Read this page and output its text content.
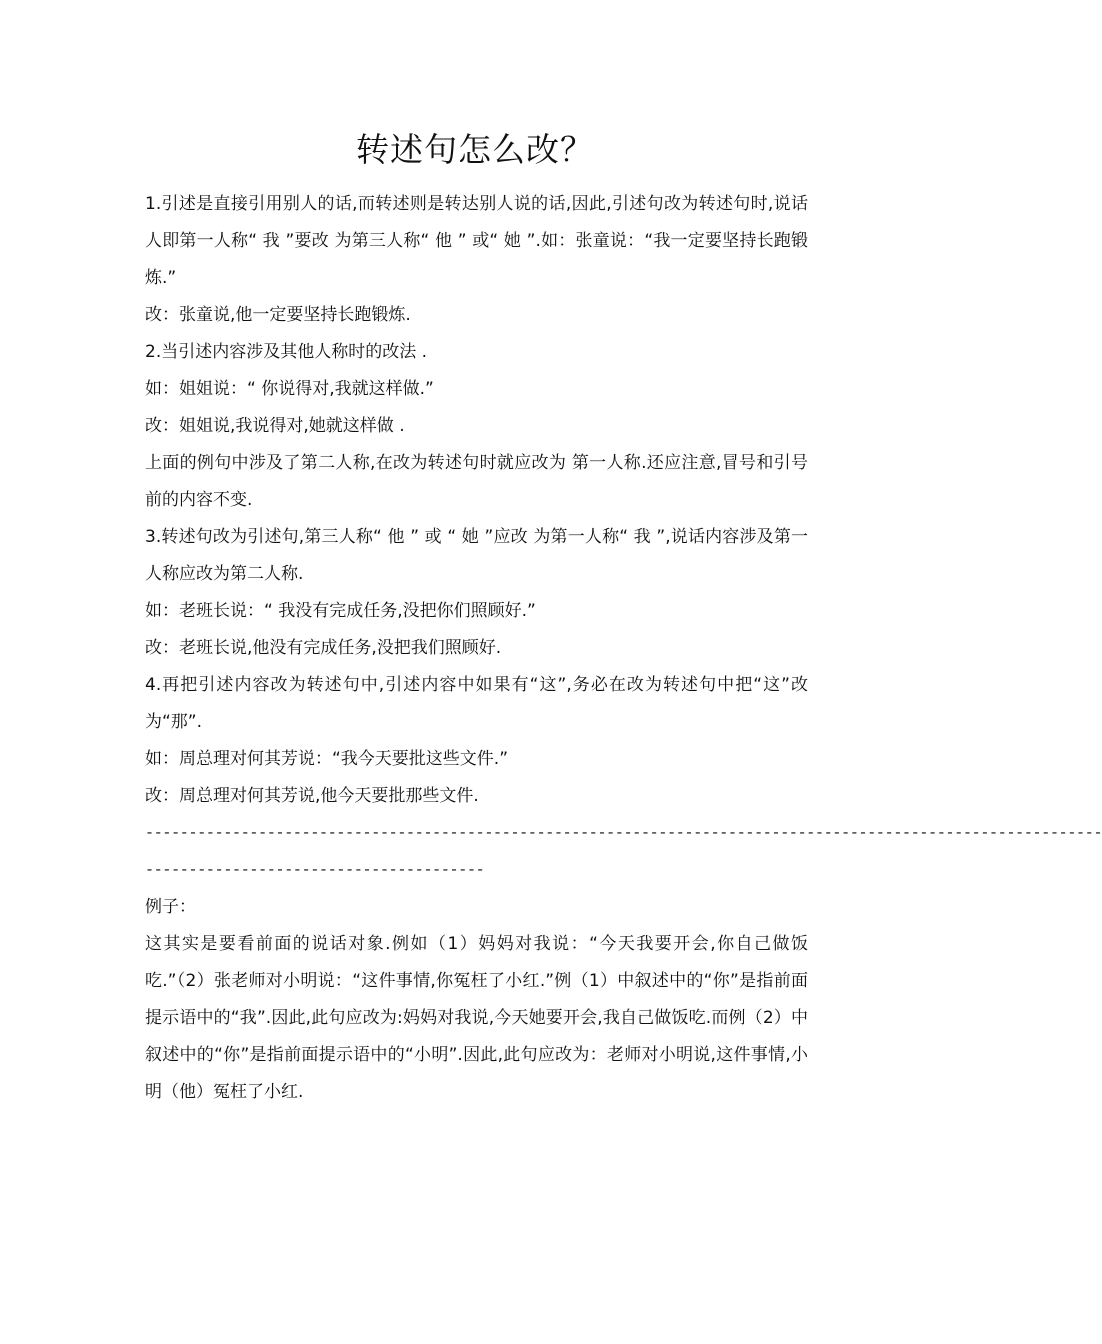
转述句怎么改？

1.引述是直接引用别人的话,而转述则是转达别人说的话,因此,引述句改为转述句时,说话人即第一人称“ 我 ”要改 为第三人称“ 他 ” 或“ 她 ”.如：张童说：“我一定要坚持长跑锻炼.”

改：张童说,他一定要坚持长跑锻炼.

2.当引述内容涉及其他人称时的改法 .

如：姐姐说：“ 你说得对,我就这样做.”

改：姐姐说,我说得对,她就这样做 .

上面的例句中涉及了第二人称,在改为转述句时就应改为 第一人称.还应注意,冒号和引号前的内容不变.

3.转述句改为引述句,第三人称“ 他 ” 或 “ 她 ”应改 为第一人称“ 我 ”,说话内容涉及第一人称应改为第二人称.

如：老班长说：“ 我没有完成任务,没把你们照顾好.”

改：老班长说,他没有完成任务,没把我们照顾好.

4.再把引述内容改为转述句中,引述内容中如果有“这”,务必在改为转述句中把“这”改为“那”.

如：周总理对何其芳说：“我今天要批这些文件.”

改：周总理对何其芳说,他今天要批那些文件.

--------------------------------------------------------------------------------------------------------------

---------------------------------------

例子：

这其实是要看前面的说话对象.例如（1）妈妈对我说：“今天我要开会,你自己做饭吃.”（2）张老师对小明说：“这件事情,你冤枉了小红.”例（1）中叙述中的“你”是指前面提示语中的“我”.因此,此句应改为:妈妈对我说,今天她要开会,我自己做饭吃.而例（2）中叙述中的“你”是指前面提示语中的“小明”.因此,此句应改为：老师对小明说,这件事情,小明（他）冤枉了小红.
